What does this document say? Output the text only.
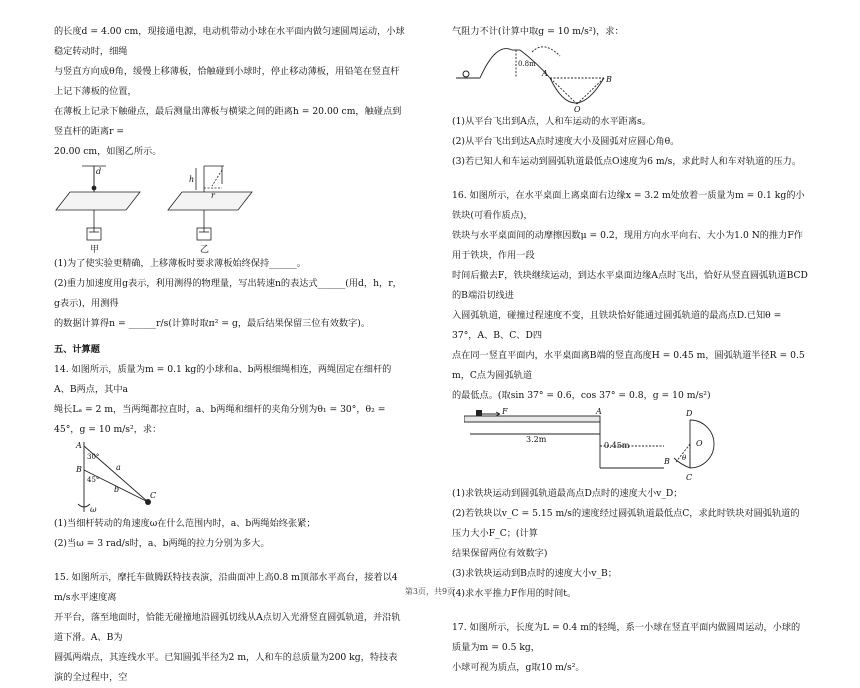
的长度d = 4.00 cm，现接通电源，电动机带动小球在水平面内做匀速圆周运动，小球稳定转动时，细绳

与竖直方向成θ角，缓慢上移薄板，恰触碰到小球时，停止移动薄板，用铅笔在竖直杆上记下薄板的位置，

在薄板上记录下触碰点，最后测量出薄板与横梁之间的距离h = 20.00 cm，触碰点到竖直杆的距离r =

20.00 cm，如图乙所示。

d
甲
h
r
乙

(1)为了使实验更精确，上移薄板时要求薄板始终保持______。

(2)重力加速度用g表示，利用测得的物理量，写出转速n的表达式______(用d，h，r，g表示)，用测得

的数据计算得n = ______r/s(计算时取π² = g，最后结果保留三位有效数字)。

五、计算题

14. 如图所示，质量为m = 0.1 kg的小球和a、b两根细绳相连，两绳固定在细杆的A、B两点，其中a

绳长Lₐ = 2 m，当两绳都拉直时，a、b两绳和细杆的夹角分别为θ₁ = 30°，θ₂ = 45°，g = 10 m/s²，求：

A
B
C
a
b
30°
45°
ω

(1)当细杆转动的角速度ω在什么范围内时，a、b两绳始终张紧；

(2)当ω = 3 rad/s时，a、b两绳的拉力分别为多大。

15. 如图所示，摩托车做腾跃特技表演，沿曲面冲上高0.8 m顶部水平高台，接着以4 m/s水平速度离

开平台，落至地面时，恰能无碰撞地沿圆弧切线从A点切入光滑竖直圆弧轨道，并沿轨道下滑。A、B为

圆弧两端点，其连线水平。已知圆弧半径为2 m，人和车的总质量为200 kg，特技表演的全过程中，空

气阻力不计(计算中取g = 10 m/s²)，求：

0.8m
A
B
O

(1)从平台飞出到A点，人和车运动的水平距离s。

(2)从平台飞出到达A点时速度大小及圆弧对应圆心角θ。

(3)若已知人和车运动到圆弧轨道最低点O速度为6 m/s，求此时人和车对轨道的压力。

16. 如图所示，在水平桌面上离桌面右边缘x = 3.2 m处放着一质量为m = 0.1 kg的小铁块(可看作质点)，

铁块与水平桌面间的动摩擦因数μ = 0.2，现用方向水平向右、大小为1.0 N的推力F作用于铁块，作用一段

时间后撤去F，铁块继续运动，到达水平桌面边缘A点时飞出，恰好从竖直圆弧轨道BCD的B端沿切线进

入圆弧轨道，碰撞过程速度不变，且铁块恰好能通过圆弧轨道的最高点D.已知θ = 37°，A、B、C、D四

点在同一竖直平面内，水平桌面离B端的竖直高度H = 0.45 m，圆弧轨道半径R = 0.5 m，C点为圆弧轨道

的最低点。(取sin 37° = 0.6，cos 37° = 0.8，g = 10 m/s²)

F	A
3.2m
0.45m
B
C
D
O
θ

(1)求铁块运动到圆弧轨道最高点D点时的速度大小v_D；

(2)若铁块以v_C = 5.15 m/s的速度经过圆弧轨道最低点C，求此时铁块对圆弧轨道的压力大小F_C；(计算

结果保留两位有效数字)

(3)求铁块运动到B点时的速度大小v_B；

(4)求水平推力F作用的时间t。

17. 如图所示，长度为L = 0.4 m的轻绳，系一小球在竖直平面内做圆周运动，小球的质量为m = 0.5 kg，

小球可视为质点，g取10 m/s²。

第3页，共9页
